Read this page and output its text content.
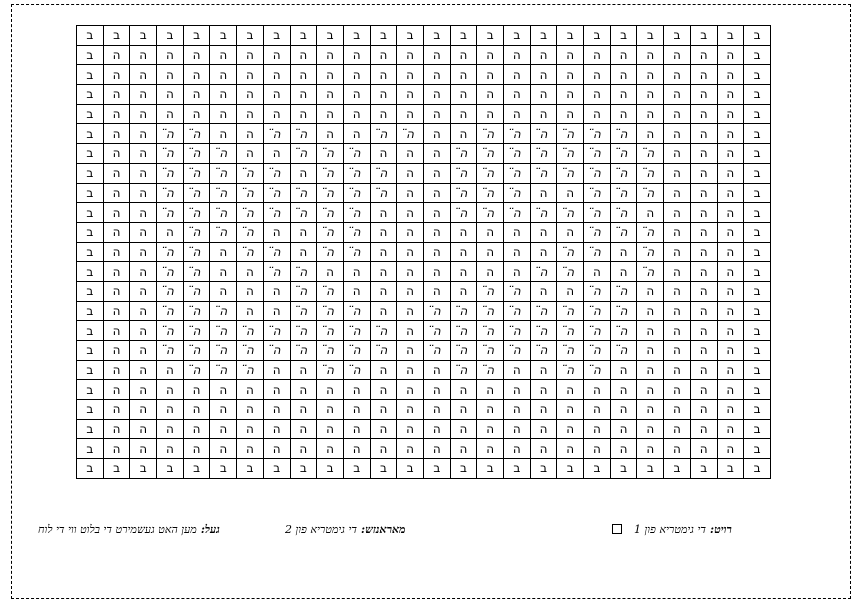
ב	ב	ב	ב	ב	ב	ב	ב	ב	ב	ב	ב	ב	ב	ב	ב	ב	ב	ב	ב	ב	ב	ב	ב	ב	ב
ב	ה	ה	ה	ה	ה	ה	ה	ה	ה	ה	ה	ה	ה	ה	ה	ה	ה	ה	ה	ה	ה	ה	ה	ה	ב
ב	ה	ה	ה	ה	ה	ה	ה	ה	ה	ה	ה	ה	ה	ה	ה	ה	ה	ה	ה	ה	ה	ה	ה	ה	ב
ב	ה	ה	ה	ה	ה	ה	ה	ה	ה	ה	ה	ה	ה	ה	ה	ה	ה	ה	ה	ה	ה	ה	ה	ה	ב
ב	ה	ה	ה	ה	ה	ה	ה	ה	ה	ה	ה	ה	ה	ה	ה	ה	ה	ה	ה	ה	ה	ה	ה	ה	ב
ב	ה	ה	ה̈	ה̈	ה	ה	ה̈	ה̈	ה	ה	ה̈	ה̈	ה	ה	ה̈	ה̈	ה̈	ה̈	ה̈	ה̈	ה	ה	ה	ה	ב
ב	ה	ה	ה̈	ה̈	ה̈	ה	ה	ה̈	ה̈	ה̈	ה	ה	ה	ה̈	ה̈	ה̈	ה̈	ה̈	ה̈	ה̈	ה̈	ה	ה	ה	ב
ב	ה	ה	ה̈	ה̈	ה̈	ה̈	ה̈	ה	ה̈	ה̈	ה̈	ה	ה	ה̈	ה̈	ה̈	ה̈	ה̈	ה̈	ה̈	ה̈	ה	ה	ה	ב
ב	ה	ה	ה̈	ה̈	ה̈	ה̈	ה̈	ה̈	ה̈	ה̈	ה̈	ה	ה	ה̈	ה̈	ה̈	ה	ה	ה̈	ה̈	ה̈	ה	ה	ה	ב
ב	ה	ה	ה̈	ה̈	ה̈	ה̈	ה̈	ה̈	ה̈	ה̈	ה	ה	ה	ה̈	ה̈	ה̈	ה̈	ה̈	ה̈	ה̈	ה	ה	ה	ה	ב
ב	ה	ה	ה	ה̈	ה̈	ה̈	ה	ה	ה̈	ה̈	ה	ה	ה	ה	ה	ה	ה	ה	ה̈	ה̈	ה̈	ה	ה	ה	ב
ב	ה	ה	ה̈	ה̈	ה	ה̈	ה̈	ה	ה̈	ה̈	ה	ה	ה	ה	ה	ה	ה	ה̈	ה̈	ה	ה̈	ה	ה	ה	ב
ב	ה	ה	ה̈	ה̈	ה	ה	ה̈	ה̈	ה	ה	ה	ה	ה	ה	ה	ה	ה̈	ה̈	ה	ה	ה̈	ה	ה	ה	ב
ב	ה	ה	ה̈	ה̈	ה	ה	ה	ה̈	ה̈	ה	ה	ה	ה	ה	ה̈	ה̈	ה	ה	ה̈	ה̈	ה	ה	ה	ה	ב
ב	ה	ה	ה̈	ה̈	ה̈	ה	ה	ה̈	ה̈	ה̈	ה	ה	ה̈	ה̈	ה̈	ה̈	ה̈	ה̈	ה̈	ה̈	ה	ה	ה	ה	ב
ב	ה	ה	ה̈	ה̈	ה̈	ה̈	ה̈	ה̈	ה̈	ה̈	ה̈	ה	ה̈	ה̈	ה̈	ה̈	ה̈	ה̈	ה̈	ה̈	ה	ה	ה	ה	ב
ב	ה	ה	ה̈	ה̈	ה̈	ה̈	ה̈	ה̈	ה̈	ה̈	ה̈	ה	ה̈	ה̈	ה̈	ה̈	ה̈	ה̈	ה̈	ה̈	ה	ה	ה	ה	ב
ב	ה	ה	ה	ה̈	ה̈	ה̈	ה	ה	ה̈	ה̈	ה	ה	ה	ה̈	ה̈	ה	ה	ה̈	ה̈	ה	ה	ה	ה	ה	ב
ב	ה	ה	ה	ה	ה	ה	ה	ה	ה	ה	ה	ה	ה	ה	ה	ה	ה	ה	ה	ה	ה	ה	ה	ה	ב
ב	ה	ה	ה	ה	ה	ה	ה	ה	ה	ה	ה	ה	ה	ה	ה	ה	ה	ה	ה	ה	ה	ה	ה	ה	ב
ב	ה	ה	ה	ה	ה	ה	ה	ה	ה	ה	ה	ה	ה	ה	ה	ה	ה	ה	ה	ה	ה	ה	ה	ה	ב
ב	ה	ה	ה	ה	ה	ה	ה	ה	ה	ה	ה	ה	ה	ה	ה	ה	ה	ה	ה	ה	ה	ה	ה	ה	ב
ב	ב	ב	ב	ב	ב	ב	ב	ב	ב	ב	ב	ב	ב	ב	ב	ב	ב	ב	ב	ב	ב	ב	ב	ב	ב
רויט:
די גימטריא פון 1
מאראנזש:
די גימטריא פון 2
געל:
מען האט געשמירט די בלוט ווי די לוח
